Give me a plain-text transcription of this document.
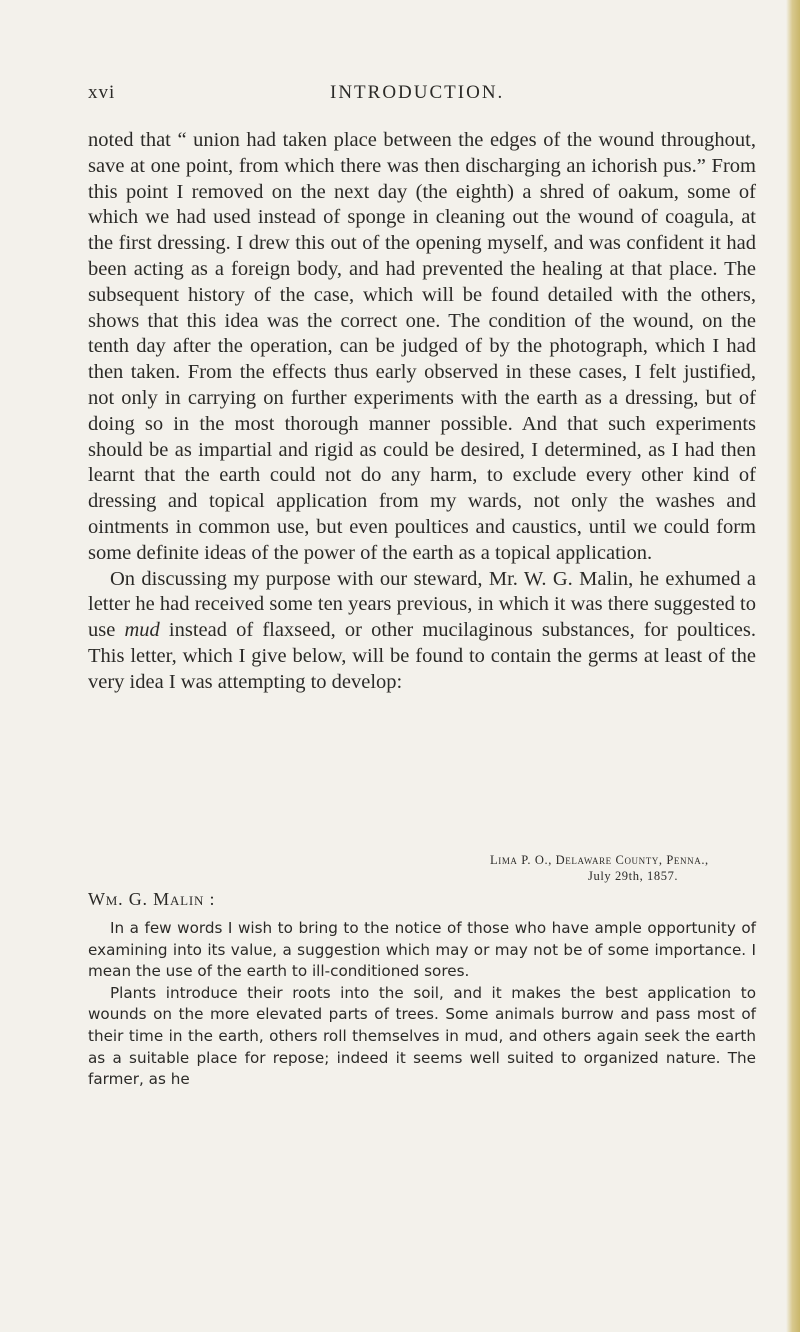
xvi	INTRODUCTION.

noted that “ union had taken place between the edges of the wound throughout, save at one point, from which there was then discharging an ichorish pus.” From this point I removed on the next day (the eighth) a shred of oakum, some of which we had used instead of sponge in cleaning out the wound of coagula, at the first dressing. I drew this out of the opening myself, and was confident it had been acting as a foreign body, and had prevented the healing at that place. The subsequent history of the case, which will be found detailed with the others, shows that this idea was the correct one. The condition of the wound, on the tenth day after the operation, can be judged of by the photograph, which I had then taken. From the effects thus early observed in these cases, I felt justified, not only in carrying on further experiments with the earth as a dressing, but of doing so in the most thorough manner possible. And that such experiments should be as impartial and rigid as could be desired, I determined, as I had then learnt that the earth could not do any harm, to exclude every other kind of dressing and topical application from my wards, not only the washes and ointments in common use, but even poultices and caustics, until we could form some definite ideas of the power of the earth as a topical application.

On discussing my purpose with our steward, Mr. W. G. Malin, he exhumed a letter he had received some ten years previous, in which it was there suggested to use mud instead of flaxseed, or other mucilaginous substances, for poultices. This letter, which I give below, will be found to contain the germs at least of the very idea I was attempting to develop:

Lima P. O., Delaware County, Penna.,
July 29th, 1857.
Wm. G. Malin :

In a few words I wish to bring to the notice of those who have ample opportunity of examining into its value, a suggestion which may or may not be of some importance. I mean the use of the earth to ill-conditioned sores.

Plants introduce their roots into the soil, and it makes the best application to wounds on the more elevated parts of trees. Some animals burrow and pass most of their time in the earth, others roll themselves in mud, and others again seek the earth as a suitable place for repose; indeed it seems well suited to organized nature. The farmer, as he
